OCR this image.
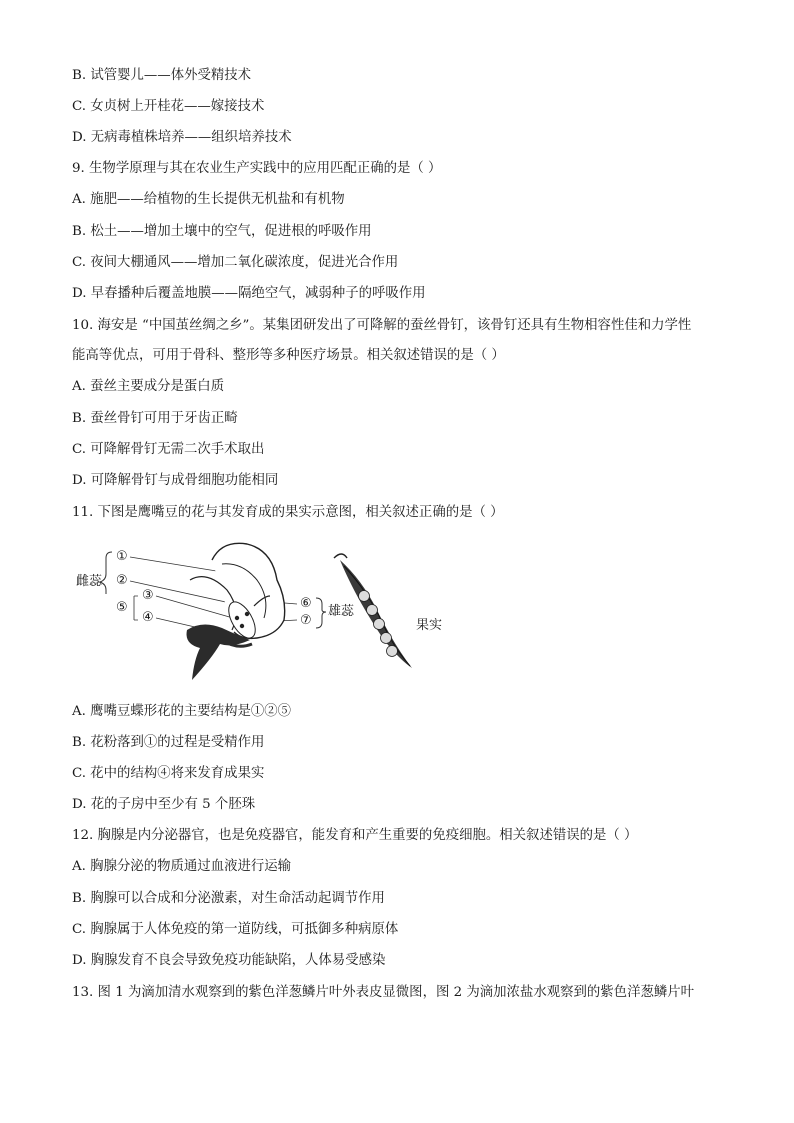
B. 试管婴儿——体外受精技术
C. 女贞树上开桂花——嫁接技术
D. 无病毒植株培养——组织培养技术
9. 生物学原理与其在农业生产实践中的应用匹配正确的是（ ）
A. 施肥——给植物的生长提供无机盐和有机物
B. 松土——增加土壤中的空气，促进根的呼吸作用
C. 夜间大棚通风——增加二氧化碳浓度，促进光合作用
D. 早春播种后覆盖地膜——隔绝空气，减弱种子的呼吸作用
10. 海安是 “中国茧丝绸之乡”。某集团研发出了可降解的蚕丝骨钉，该骨钉还具有生物相容性佳和力学性
能高等优点，可用于骨科、整形等多种医疗场景。相关叙述错误的是（ ）
A. 蚕丝主要成分是蛋白质
B. 蚕丝骨钉可用于牙齿正畸
C. 可降解骨钉无需二次手术取出
D. 可降解骨钉与成骨细胞功能相同
11. 下图是鹰嘴豆的花与其发育成的果实示意图，相关叙述正确的是（ ）
雌蕊
①
②
⑤
③
④
⑥
⑦
雄蕊
果实
A. 鹰嘴豆蝶形花的主要结构是①②⑤
B. 花粉落到①的过程是受精作用
C. 花中的结构④将来发育成果实
D. 花的子房中至少有 5 个胚珠
12. 胸腺是内分泌器官，也是免疫器官，能发育和产生重要的免疫细胞。相关叙述错误的是（ ）
A. 胸腺分泌的物质通过血液进行运输
B. 胸腺可以合成和分泌激素，对生命活动起调节作用
C. 胸腺属于人体免疫的第一道防线，可抵御多种病原体
D. 胸腺发育不良会导致免疫功能缺陷，人体易受感染
13. 图 1 为滴加清水观察到的紫色洋葱鳞片叶外表皮显微图，图 2 为滴加浓盐水观察到的紫色洋葱鳞片叶
